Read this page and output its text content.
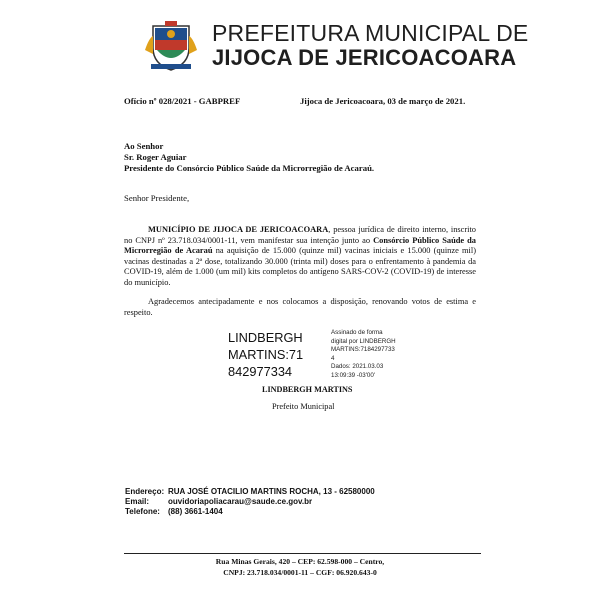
PREFEITURA MUNICIPAL DE
JIJOCA DE JERICOACOARA
Ofício nº 028/2021 - GABPREF	Jijoca de Jericoacoara, 03 de março de 2021.
Ao Senhor
Sr. Roger Aguiar
Presidente do Consórcio Público Saúde da Microrregião de Acaraú.
Senhor Presidente,
MUNICÍPIO DE JIJOCA DE JERICOACOARA, pessoa jurídica de direito interno, inscrito no CNPJ nº 23.718.034/0001-11, vem manifestar sua intenção junto ao Consórcio Público Saúde da Microrregião de Acaraú na aquisição de 15.000 (quinze mil) vacinas iniciais e 15.000 (quinze mil) vacinas destinadas a 2ª dose, totalizando 30.000 (trinta mil) doses para o enfrentamento à pandemia da COVID-19, além de 1.000 (um mil) kits completos do antígeno SARS-COV-2 (COVID-19) de interesse do município.
Agradecemos antecipadamente e nos colocamos a disposição, renovando votos de estima e respeito.
LINDBERGH
MARTINS:71
842977334
Assinado de forma
digital por LINDBERGH
MARTINS:7184297733
4
Dados: 2021.03.03
13:09:39 -03'00'
LINDBERGH MARTINS
Prefeito Municipal
Endereço: RUA JOSÉ OTACILIO MARTINS ROCHA, 13 - 62580000
Email: ouvidoriapoliacarau@saude.ce.gov.br
Telefone: (88) 3661-1404
Rua Minas Gerais, 420 – CEP: 62.598-000 – Centro,
CNPJ: 23.718.034/0001-11 – CGF: 06.920.643-0
